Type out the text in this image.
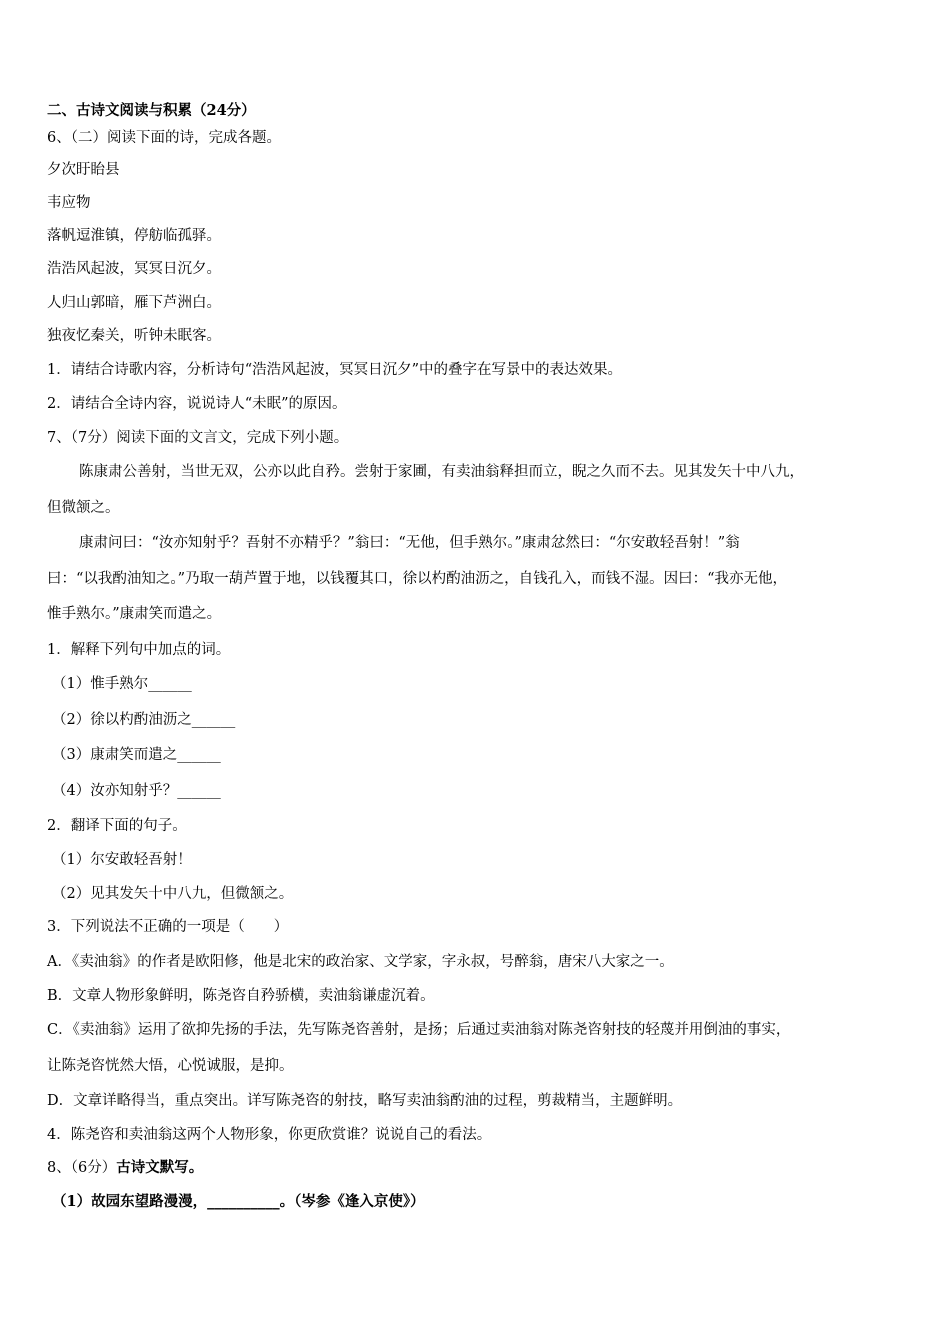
二、古诗文阅读与积累（24分）
6、（二）阅读下面的诗，完成各题。
夕次盱眙县
韦应物
落帆逗淮镇，停舫临孤驿。
浩浩风起波，冥冥日沉夕。
人归山郭暗，雁下芦洲白。
独夜忆秦关，听钟未眠客。
1．请结合诗歌内容，分析诗句“浩浩风起波，冥冥日沉夕”中的叠字在写景中的表达效果。
2．请结合全诗内容，说说诗人“未眠”的原因。
7、（7分）阅读下面的文言文，完成下列小题。
陈康肃公善射，当世无双，公亦以此自矜。尝射于家圃，有卖油翁释担而立，睨之久而不去。见其发矢十中八九，
但微颔之。
康肃问曰：“汝亦知射乎？吾射不亦精乎？”翁曰：“无他，但手熟尔。”康肃忿然曰：“尔安敢轻吾射！”翁
曰：“以我酌油知之。”乃取一葫芦置于地，以钱覆其口，徐以杓酌油沥之，自钱孔入，而钱不湿。因曰：“我亦无他，
惟手熟尔。”康肃笑而遣之。
1．解释下列句中加点的词。
（1）惟手熟尔______
（2）徐以杓酌油沥之______
（3）康肃笑而遣之______
（4）汝亦知射乎？______
2．翻译下面的句子。
（1）尔安敢轻吾射！
（2）见其发矢十中八九，但微颔之。
3．下列说法不正确的一项是（　　）
A．《卖油翁》的作者是欧阳修，他是北宋的政治家、文学家，字永叔，号醉翁，唐宋八大家之一。
B．文章人物形象鲜明，陈尧咨自矜骄横，卖油翁谦虚沉着。
C．《卖油翁》运用了欲抑先扬的手法，先写陈尧咨善射，是扬；后通过卖油翁对陈尧咨射技的轻蔑并用倒油的事实，
让陈尧咨恍然大悟，心悦诚服，是抑。
D．文章详略得当，重点突出。详写陈尧咨的射技，略写卖油翁酌油的过程，剪裁精当，主题鲜明。
4．陈尧咨和卖油翁这两个人物形象，你更欣赏谁？说说自己的看法。
8、（6分）古诗文默写。
（1）故园东望路漫漫，__________。（岑参《逢入京使》）
